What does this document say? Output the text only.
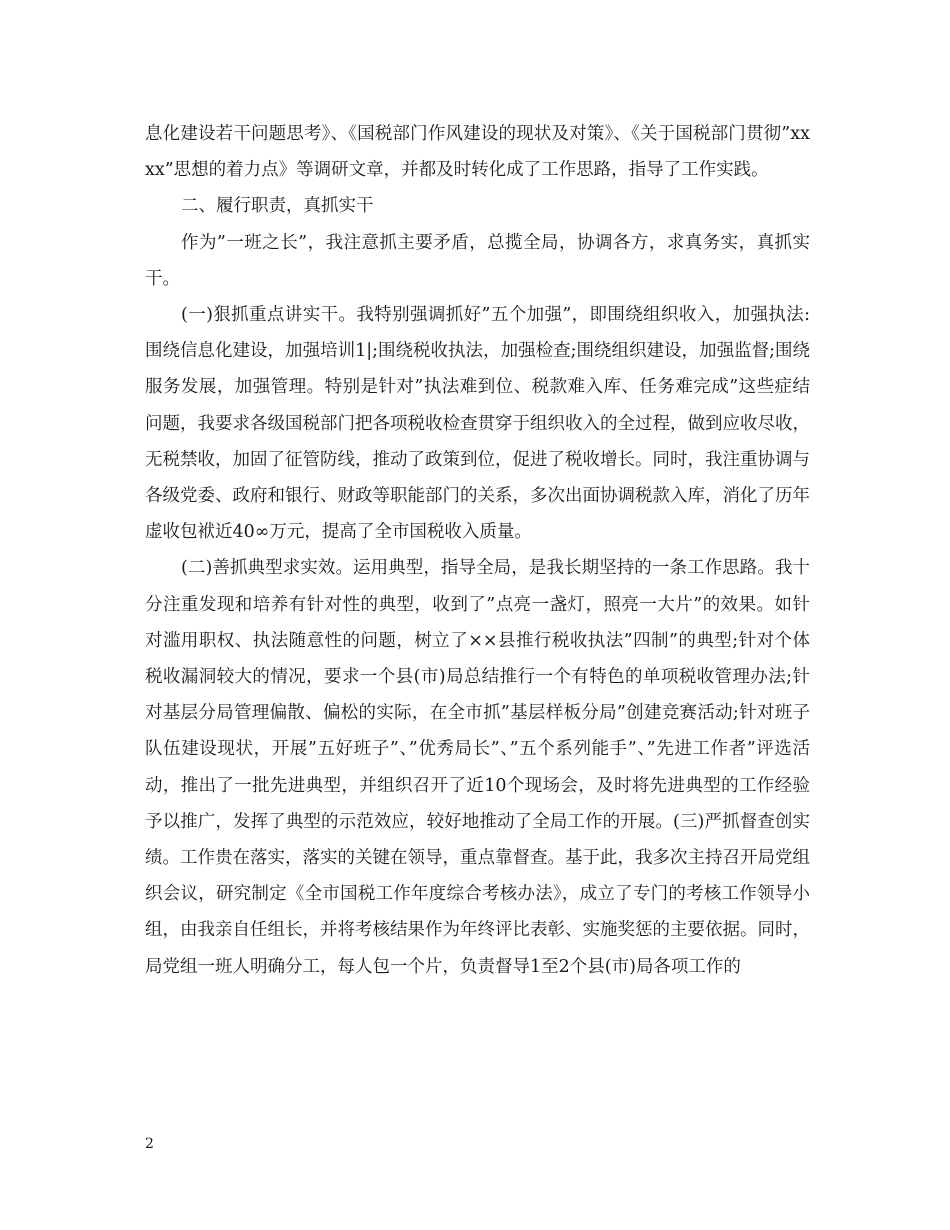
息化建设若干问题思考》、《国税部门作风建设的现状及对策》、《关于国税部门贯彻”xxxx”思想的着力点》等调研文章，并都及时转化成了工作思路，指导了工作实践。

二、履行职责，真抓实干

作为”一班之长”，我注意抓主要矛盾，总揽全局，协调各方，求真务实，真抓实干。

(一)狠抓重点讲实干。我特别强调抓好”五个加强”，即围绕组织收入，加强执法:围绕信息化建设，加强培训1|;围绕税收执法，加强检查;围绕组织建设，加强监督;围绕服务发展，加强管理。特别是针对”执法难到位、税款难入库、任务难完成”这些症结问题，我要求各级国税部门把各项税收检查贯穿于组织收入的全过程，做到应收尽收，无税禁收，加固了征管防线，推动了政策到位，促进了税收增长。同时，我注重协调与各级党委、政府和银行、财政等职能部门的关系，多次出面协调税款入库，消化了历年虚收包袱近40∞万元，提高了全市国税收入质量。

(二)善抓典型求实效。运用典型，指导全局，是我长期坚持的一条工作思路。我十分注重发现和培养有针对性的典型，收到了”点亮一盏灯，照亮一大片”的效果。如针对滥用职权、执法随意性的问题，树立了××县推行税收执法”四制”的典型;针对个体税收漏洞较大的情况，要求一个县(市)局总结推行一个有特色的单项税收管理办法;针对基层分局管理偏散、偏松的实际，在全市抓”基层样板分局”创建竞赛活动;针对班子队伍建设现状，开展”五好班子”、”优秀局长”、”五个系列能手”、”先进工作者”评选活动，推出了一批先进典型，并组织召开了近10个现场会，及时将先进典型的工作经验予以推广，发挥了典型的示范效应，较好地推动了全局工作的开展。(三)严抓督查创实绩。工作贵在落实，落实的关键在领导，重点靠督查。基于此，我多次主持召开局党组织会议，研究制定《全市国税工作年度综合考核办法》，成立了专门的考核工作领导小组，由我亲自任组长，并将考核结果作为年终评比表彰、实施奖惩的主要依据。同时，局党组一班人明确分工，每人包一个片，负责督导1至2个县(市)局各项工作的

2
